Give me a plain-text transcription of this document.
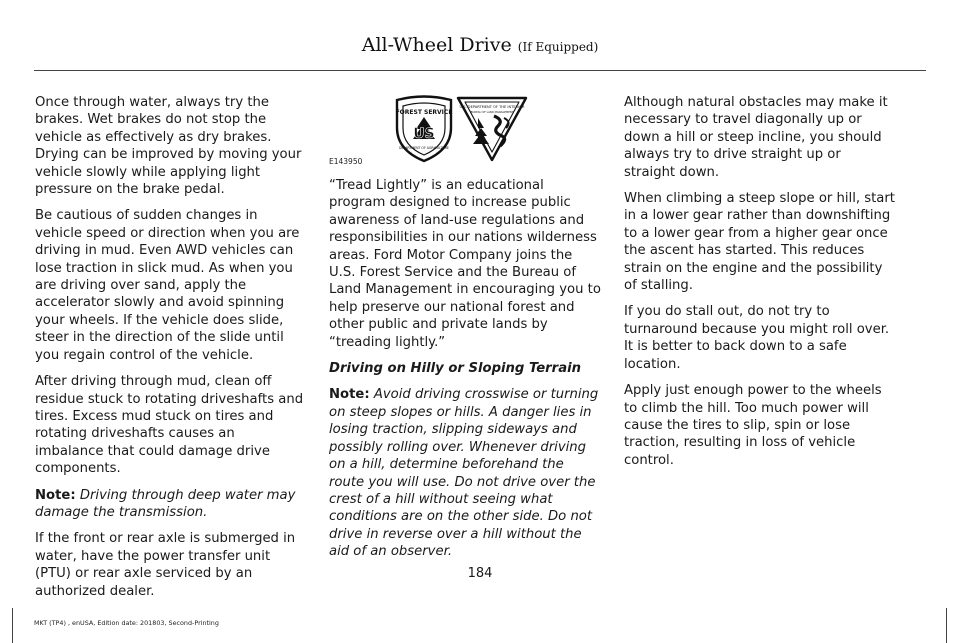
All-Wheel Drive (If Equipped)

Once through water, always try the brakes. Wet brakes do not stop the vehicle as effectively as dry brakes. Drying can be improved by moving your vehicle slowly while applying light pressure on the brake pedal.

Be cautious of sudden changes in vehicle speed or direction when you are driving in mud. Even AWD vehicles can lose traction in slick mud. As when you are driving over sand, apply the accelerator slowly and avoid spinning your wheels. If the vehicle does slide, steer in the direction of the slide until you regain control of the vehicle.

After driving through mud, clean off residue stuck to rotating driveshafts and tires. Excess mud stuck on tires and rotating driveshafts causes an imbalance that could damage drive components.

Note: Driving through deep water may damage the transmission.

If the front or rear axle is submerged in water, have the power transfer unit (PTU) or rear axle serviced by an authorized dealer.

FOREST SERVICE
US
DEPARTMENT OF AGRICULTURE
U.S. DEPARTMENT OF THE INTERIOR
BUREAU OF LAND MANAGEMENT
E143950

“Tread Lightly” is an educational program designed to increase public awareness of land-use regulations and responsibilities in our nations wilderness areas. Ford Motor Company joins the U.S. Forest Service and the Bureau of Land Management in encouraging you to help preserve our national forest and other public and private lands by “treading lightly.”

Driving on Hilly or Sloping Terrain

Note: Avoid driving crosswise or turning on steep slopes or hills. A danger lies in losing traction, slipping sideways and possibly rolling over. Whenever driving on a hill, determine beforehand the route you will use. Do not drive over the crest of a hill without seeing what conditions are on the other side. Do not drive in reverse over a hill without the aid of an observer.

Although natural obstacles may make it necessary to travel diagonally up or down a hill or steep incline, you should always try to drive straight up or straight down.

When climbing a steep slope or hill, start in a lower gear rather than downshifting to a lower gear from a higher gear once the ascent has started. This reduces strain on the engine and the possibility of stalling.

If you do stall out, do not try to turnaround because you might roll over. It is better to back down to a safe location.

Apply just enough power to the wheels to climb the hill. Too much power will cause the tires to slip, spin or lose traction, resulting in loss of vehicle control.

184
MKT (TP4) , enUSA, Edition date: 201803, Second-Printing
